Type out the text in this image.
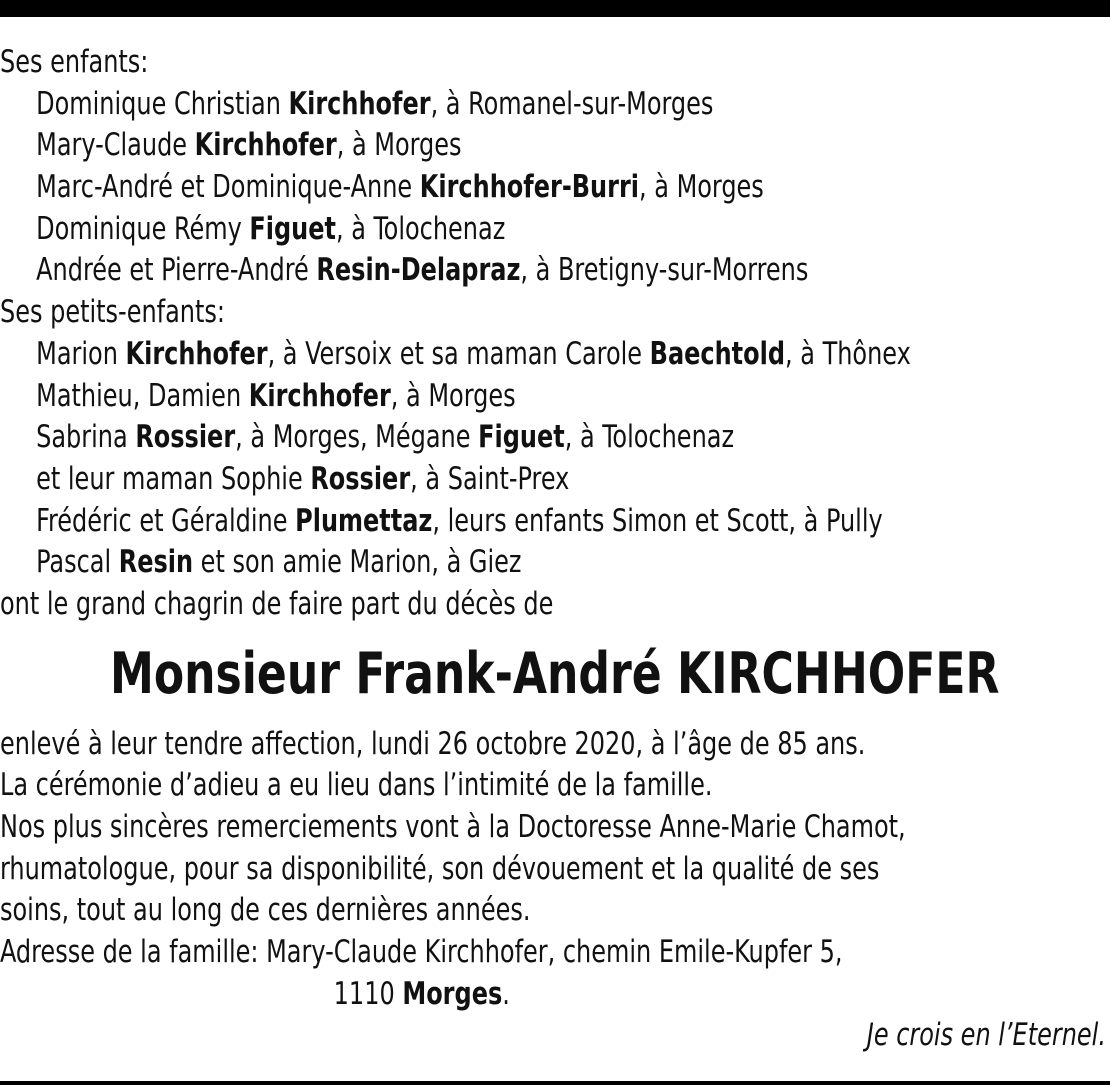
Ses enfants:
Dominique Christian Kirchhofer, à Romanel-sur-Morges
Mary-Claude Kirchhofer, à Morges
Marc-André et Dominique-Anne Kirchhofer-Burri, à Morges
Dominique Rémy Figuet, à Tolochenaz
Andrée et Pierre-André Resin-Delapraz, à Bretigny-sur-Morrens
Ses petits-enfants:
Marion Kirchhofer, à Versoix et sa maman Carole Baechtold, à Thônex
Mathieu, Damien Kirchhofer, à Morges
Sabrina Rossier, à Morges, Mégane Figuet, à Tolochenaz
et leur maman Sophie Rossier, à Saint-Prex
Frédéric et Géraldine Plumettaz, leurs enfants Simon et Scott, à Pully
Pascal Resin et son amie Marion, à Giez
ont le grand chagrin de faire part du décès de
Monsieur Frank-André KIRCHHOFER
enlevé à leur tendre affection, lundi 26 octobre 2020, à l’âge de 85 ans.
La cérémonie d’adieu a eu lieu dans l’intimité de la famille.
Nos plus sincères remerciements vont à la Doctoresse Anne-Marie Chamot,
rhumatologue, pour sa disponibilité, son dévouement et la qualité de ses
soins, tout au long de ces dernières années.
Adresse de la famille: Mary-Claude Kirchhofer, chemin Emile-Kupfer 5,
1110 Morges.
Je crois en l’Eternel.
